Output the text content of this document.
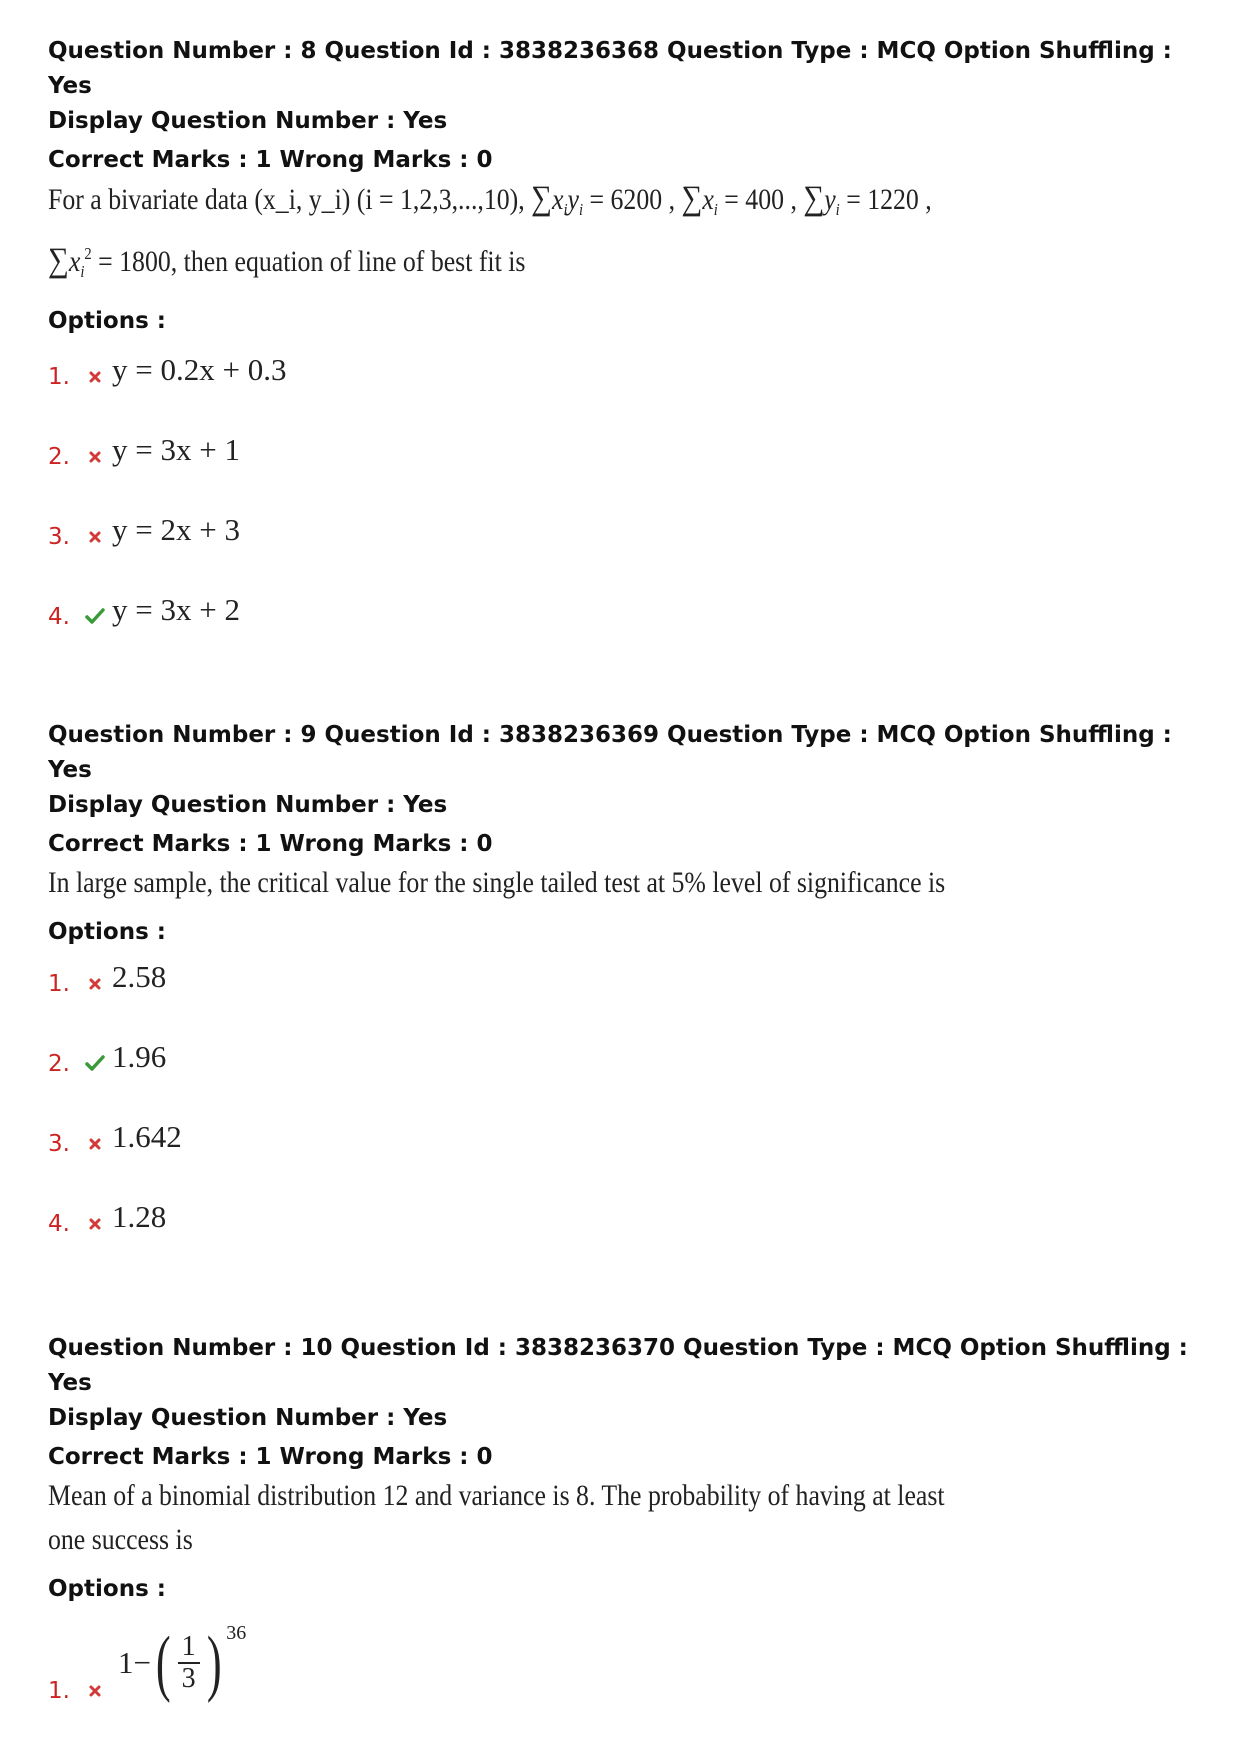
Question Number : 8 Question Id : 3838236368 Question Type : MCQ Option Shuffling : Yes
Display Question Number : Yes
Correct Marks : 1 Wrong Marks : 0
For a bivariate data (x_i, y_i) (i = 1,2,3,...,10), $\sum x_iy_i = 6200$ , $\sum x_i = 400$ , $\sum y_i = 1220$ ,
$\sum x_i^2 = 1800$, then equation of line of best fit is
Options :
1.	y = 0.2x + 0.3
2.	y = 3x + 1
3.	y = 2x + 3
4.	y = 3x + 2
Question Number : 9 Question Id : 3838236369 Question Type : MCQ Option Shuffling : Yes
Display Question Number : Yes
Correct Marks : 1 Wrong Marks : 0
In large sample, the critical value for the single tailed test at 5% level of significance is
Options :
1.	2.58
2.	1.96
3.	1.642
4.	1.28
Question Number : 10 Question Id : 3838236370 Question Type : MCQ Option Shuffling : Yes
Display Question Number : Yes
Correct Marks : 1 Wrong Marks : 0
Mean of a binomial distribution 12 and variance is 8. The probability of having at least
one success is
Options :
1.
1− ( $\frac{1}{3}$ ) 36
